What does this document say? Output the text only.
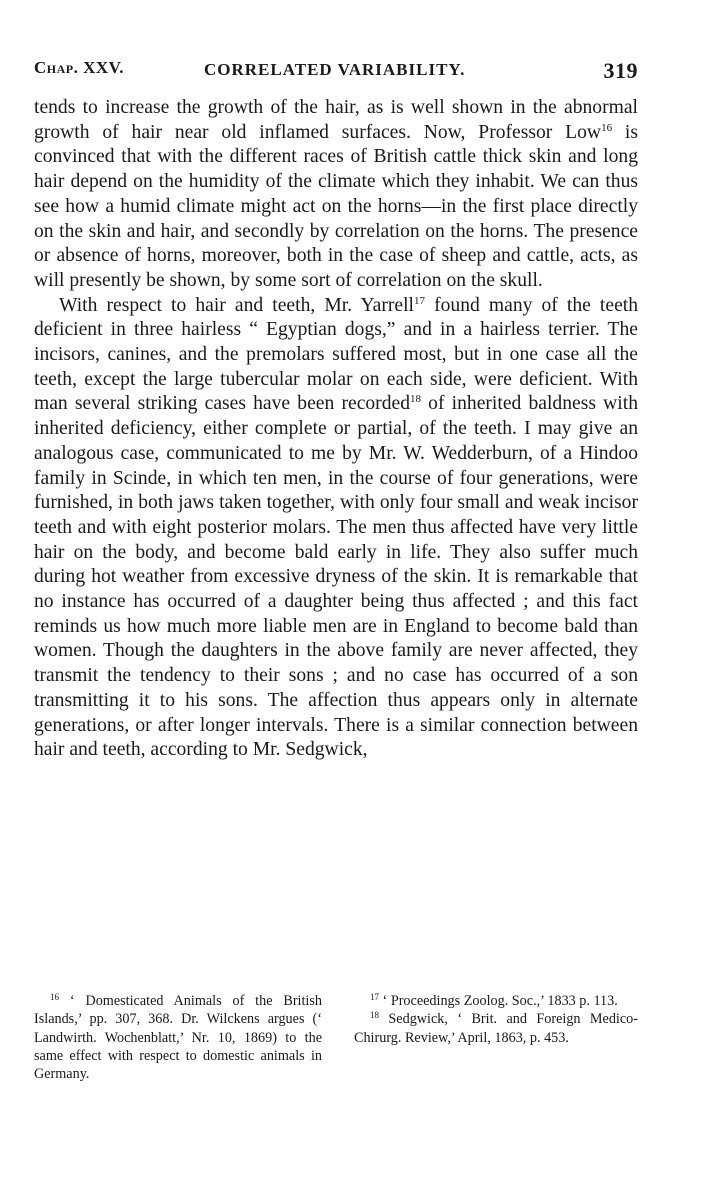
Chap. XXV.	CORRELATED VARIABILITY.	319

tends to increase the growth of the hair, as is well shown in the abnormal growth of hair near old inflamed surfaces. Now, Professor Low$^{16}$ is convinced that with the different races of British cattle thick skin and long hair depend on the humidity of the climate which they inhabit. We can thus see how a humid climate might act on the horns—in the first place directly on the skin and hair, and secondly by correlation on the horns. The presence or absence of horns, moreover, both in the case of sheep and cattle, acts, as will presently be shown, by some sort of correlation on the skull.

With respect to hair and teeth, Mr. Yarrell$^{17}$ found many of the teeth deficient in three hairless “ Egyptian dogs,” and in a hairless terrier. The incisors, canines, and the premolars suffered most, but in one case all the teeth, except the large tubercular molar on each side, were deficient. With man several striking cases have been recorded$^{18}$ of inherited baldness with inherited deficiency, either complete or partial, of the teeth. I may give an analogous case, communicated to me by Mr. W. Wedderburn, of a Hindoo family in Scinde, in which ten men, in the course of four generations, were furnished, in both jaws taken together, with only four small and weak incisor teeth and with eight posterior molars. The men thus affected have very little hair on the body, and become bald early in life. They also suffer much during hot weather from excessive dryness of the skin. It is remarkable that no instance has occurred of a daughter being thus affected ; and this fact reminds us how much more liable men are in England to become bald than women. Though the daughters in the above family are never affected, they transmit the tendency to their sons ; and no case has occurred of a son transmitting it to his sons. The affection thus appears only in alternate generations, or after longer intervals. There is a similar connection between hair and teeth, according to Mr. Sedgwick,

$^{16}$ ‘ Domesticated Animals of the British Islands,’ pp. 307, 368. Dr. Wilckens argues (‘ Landwirth. Wochenblatt,’ Nr. 10, 1869) to the same effect with respect to domestic animals in Germany.

$^{17}$ ‘ Proceedings Zoolog. Soc.,’ 1833 p. 113.

$^{18}$ Sedgwick, ‘ Brit. and Foreign Medico-Chirurg. Review,’ April, 1863, p. 453.
